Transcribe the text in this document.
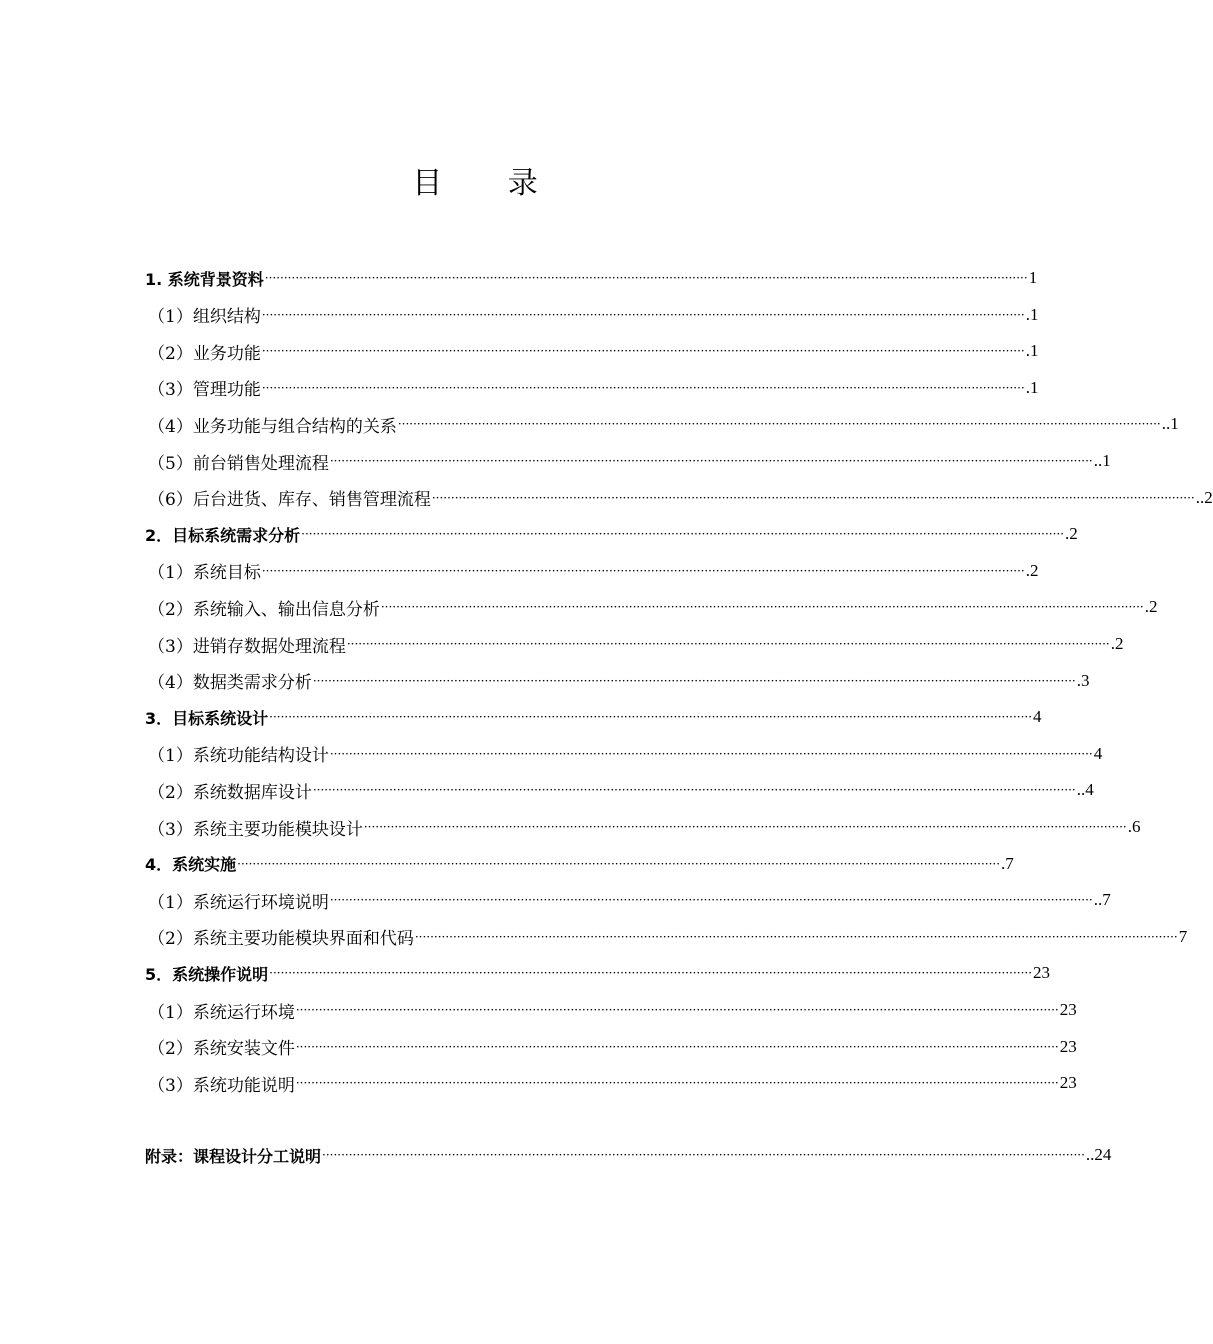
目 录
1. 系统背景资料 ········································································································································································································ 1
（1）组织结构 ········································································································································································································ .1
（2）业务功能 ········································································································································································································ .1
（3）管理功能 ········································································································································································································ .1
（4）业务功能与组合结构的关系 ········································································································································································································ ..1
（5）前台销售处理流程 ········································································································································································································ ..1
（6）后台进货、库存、销售管理流程 ········································································································································································································ ..2
2．目标系统需求分析 ········································································································································································································ .2
（1）系统目标 ········································································································································································································ .2
（2）系统输入、输出信息分析 ········································································································································································································ .2
（3）进销存数据处理流程 ········································································································································································································ .2
（4）数据类需求分析 ········································································································································································································ .3
3．目标系统设计 ········································································································································································································ 4
（1）系统功能结构设计 ········································································································································································································ 4
（2）系统数据库设计 ········································································································································································································ ..4
（3）系统主要功能模块设计 ········································································································································································································ .6
4．系统实施 ········································································································································································································ .7
（1）系统运行环境说明 ········································································································································································································ ..7
（2）系统主要功能模块界面和代码 ········································································································································································································ 7
5．系统操作说明 ········································································································································································································ 23
（1）系统运行环境 ········································································································································································································ 23
（2）系统安装文件 ········································································································································································································ 23
（3）系统功能说明 ········································································································································································································ 23
附录：课程设计分工说明 ········································································································································································································ ..24
